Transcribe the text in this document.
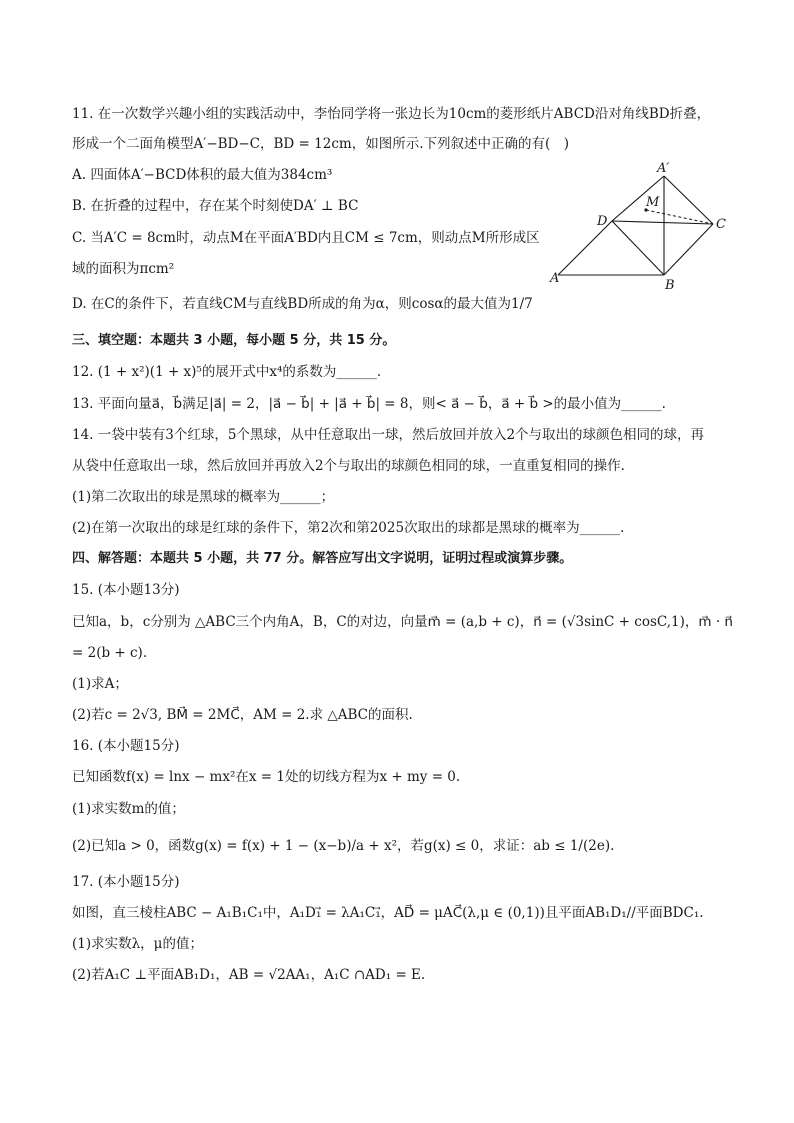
11. 在一次数学兴趣小组的实践活动中，李怡同学将一张边长为10cm的菱形纸片ABCD沿对角线BD折叠，
形成一个二面角模型A′−BD−C，BD = 12cm，如图所示.下列叙述中正确的有(　)
A. 四面体A′−BCD体积的最大值为384cm³
B. 在折叠的过程中，存在某个时刻使DA′ ⊥ BC
C. 当A′C = 8cm时，动点M在平面A′BD内且CM ≤ 7cm，则动点M所形成区
域的面积为πcm²
D. 在C的条件下，若直线CM与直线BD所成的角为α，则cosα的最大值为1/7
A′
M
D	C
A	B
三、填空题：本题共 3 小题，每小题 5 分，共 15 分。
12. (1 + x²)(1 + x)⁵的展开式中x⁴的系数为______.
13. 平面向量a⃗，b⃗满足|a⃗| = 2，|a⃗ − b⃗| + |a⃗ + b⃗| = 8，则< a⃗ − b⃗，a⃗ + b⃗ >的最小值为______.
14. 一袋中装有3个红球，5个黑球，从中任意取出一球，然后放回并放入2个与取出的球颜色相同的球，再
从袋中任意取出一球，然后放回并再放入2个与取出的球颜色相同的球，一直重复相同的操作.
(1)第二次取出的球是黑球的概率为______；
(2)在第一次取出的球是红球的条件下，第2次和第2025次取出的球都是黑球的概率为______.
四、解答题：本题共 5 小题，共 77 分。解答应写出文字说明，证明过程或演算步骤。
15. (本小题13分)
已知a，b，c分别为 △ABC三个内角A，B，C的对边，向量m⃗ = (a,b + c)，n⃗ = (√3sinC + cosC,1)，m⃗ · n⃗
= 2(b + c).
(1)求A；
(2)若c = 2√3, BM⃗ = 2MC⃗，AM = 2.求 △ABC的面积.
16. (本小题15分)
已知函数f(x) = lnx − mx²在x = 1处的切线方程为x + my = 0.
(1)求实数m的值；
(2)已知a > 0，函数g(x) = f(x) + 1 − (x−b)/a + x²，若g(x) ≤ 0，求证：ab ≤ 1/(2e).
17. (本小题15分)
如图，直三棱柱ABC − A₁B₁C₁中，A₁D₁⃗ = λA₁C₁⃗，AD⃗ = μAC⃗(λ,μ ∈ (0,1))且平面AB₁D₁//平面BDC₁.
(1)求实数λ，μ的值；
(2)若A₁C ⊥平面AB₁D₁，AB = √2AA₁，A₁C ∩AD₁ = E.
